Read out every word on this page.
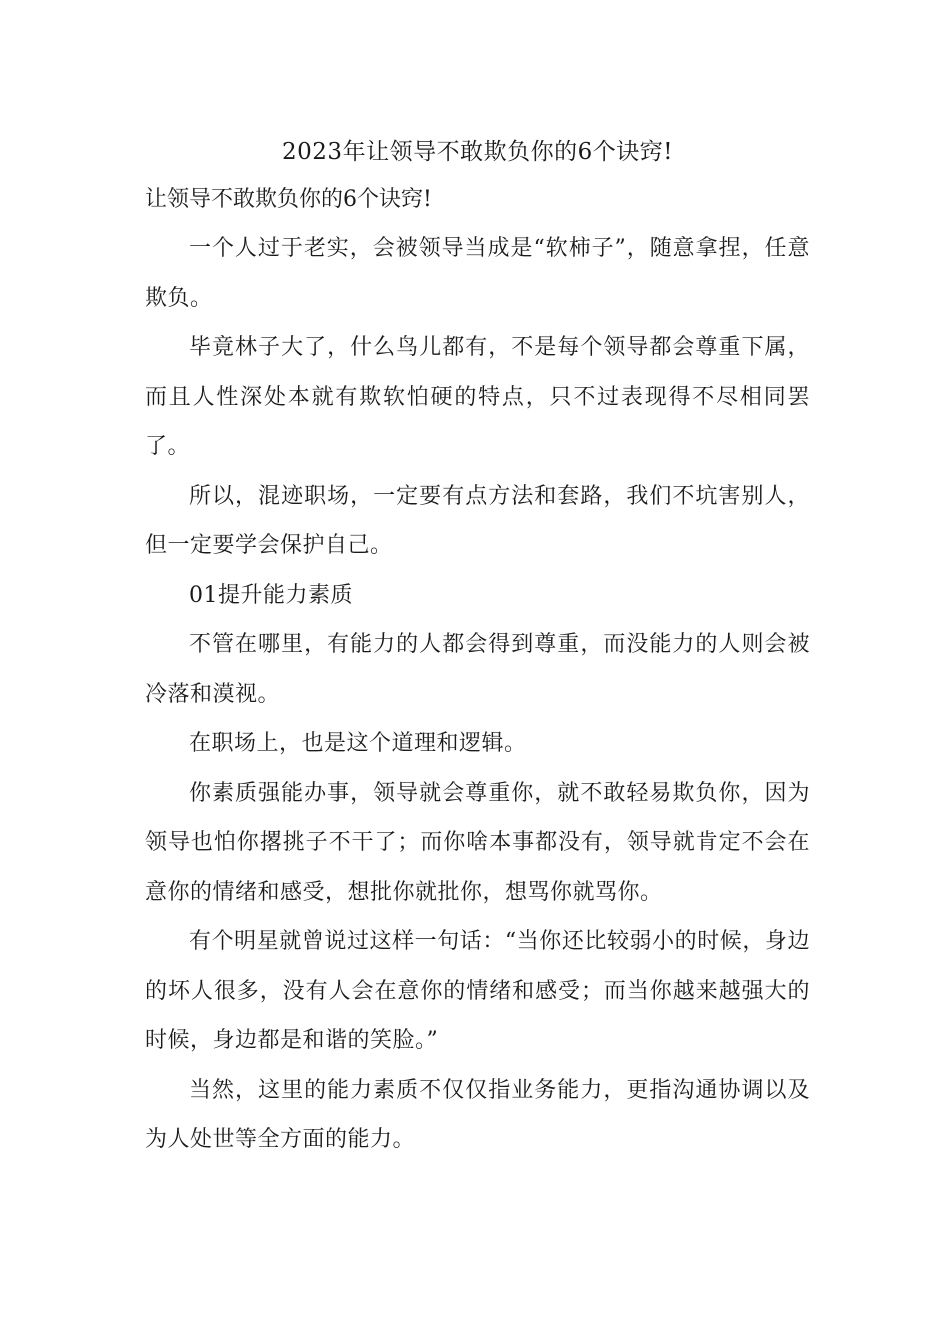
2023年让领导不敢欺负你的6个诀窍!

让领导不敢欺负你的6个诀窍!

一个人过于老实，会被领导当成是“软柿子”，随意拿捏，任意欺负。

毕竟林子大了，什么鸟儿都有，不是每个领导都会尊重下属，而且人性深处本就有欺软怕硬的特点，只不过表现得不尽相同罢了。

所以，混迹职场，一定要有点方法和套路，我们不坑害别人，但一定要学会保护自己。

01提升能力素质

不管在哪里，有能力的人都会得到尊重，而没能力的人则会被冷落和漠视。

在职场上，也是这个道理和逻辑。

你素质强能办事，领导就会尊重你，就不敢轻易欺负你，因为领导也怕你撂挑子不干了；而你啥本事都没有，领导就肯定不会在意你的情绪和感受，想批你就批你，想骂你就骂你。

有个明星就曾说过这样一句话：“当你还比较弱小的时候，身边的坏人很多，没有人会在意你的情绪和感受；而当你越来越强大的时候，身边都是和谐的笑脸。”

当然，这里的能力素质不仅仅指业务能力，更指沟通协调以及为人处世等全方面的能力。
